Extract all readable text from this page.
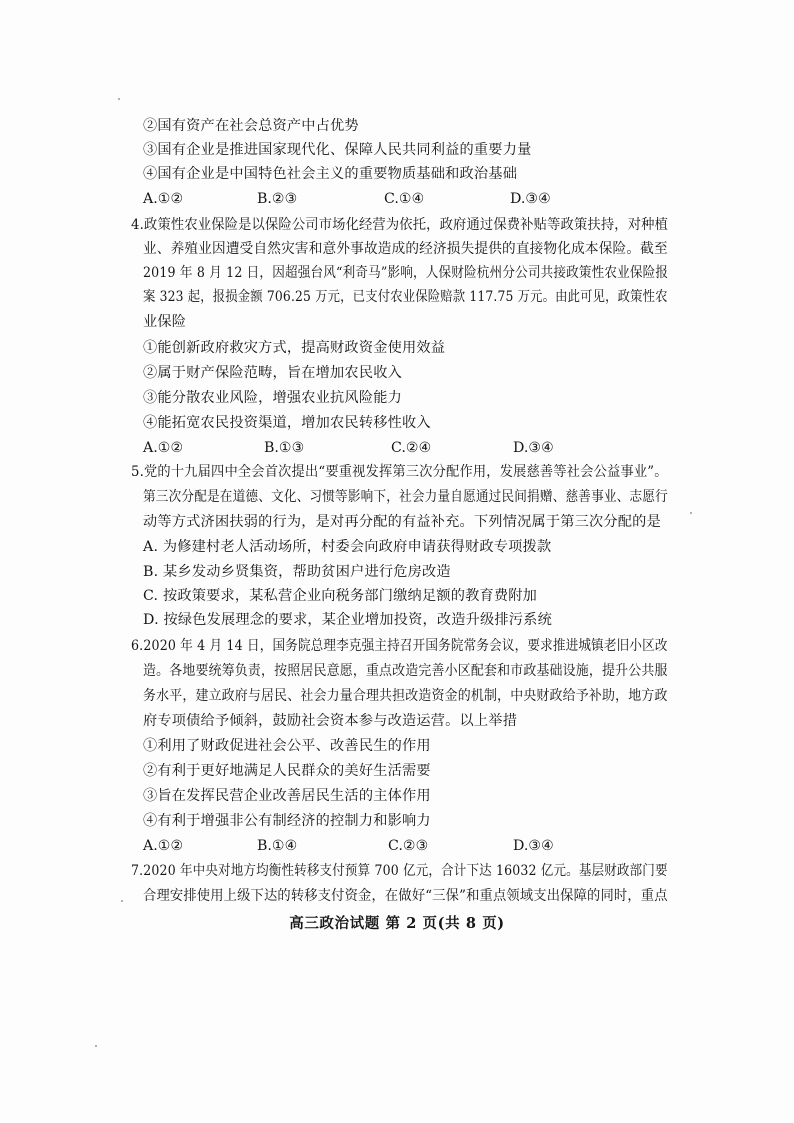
②国有资产在社会总资产中占优势
③国有企业是推进国家现代化、保障人民共同利益的重要力量
④国有企业是中国特色社会主义的重要物质基础和政治基础
A.①②	B.②③	C.①④	D.③④
4.政策性农业保险是以保险公司市场化经营为依托，政府通过保费补贴等政策扶持，对种植
业、养殖业因遭受自然灾害和意外事故造成的经济损失提供的直接物化成本保险。截至
2019 年 8 月 12 日，因超强台风“利奇马”影响，人保财险杭州分公司共接政策性农业保险报
案 323 起，报损金额 706.25 万元，已支付农业保险赔款 117.75 万元。由此可见，政策性农
业保险
①能创新政府救灾方式，提高财政资金使用效益
②属于财产保险范畴，旨在增加农民收入
③能分散农业风险，增强农业抗风险能力
④能拓宽农民投资渠道，增加农民转移性收入
A.①②	B.①③	C.②④	D.③④
5.党的十九届四中全会首次提出“要重视发挥第三次分配作用，发展慈善等社会公益事业”。
第三次分配是在道德、文化、习惯等影响下，社会力量自愿通过民间捐赠、慈善事业、志愿行
动等方式济困扶弱的行为，是对再分配的有益补充。下列情况属于第三次分配的是
A. 为修建村老人活动场所，村委会向政府申请获得财政专项拨款
B. 某乡发动乡贤集资，帮助贫困户进行危房改造
C. 按政策要求，某私营企业向税务部门缴纳足额的教育费附加
D. 按绿色发展理念的要求，某企业增加投资，改造升级排污系统
6.2020 年 4 月 14 日，国务院总理李克强主持召开国务院常务会议，要求推进城镇老旧小区改
造。各地要统筹负责，按照居民意愿，重点改造完善小区配套和市政基础设施，提升公共服
务水平，建立政府与居民、社会力量合理共担改造资金的机制，中央财政给予补助，地方政
府专项债给予倾斜，鼓励社会资本参与改造运营。以上举措
①利用了财政促进社会公平、改善民生的作用
②有利于更好地满足人民群众的美好生活需要
③旨在发挥民营企业改善居民生活的主体作用
④有利于增强非公有制经济的控制力和影响力
A.①②	B.①④	C.②③	D.③④
7.2020 年中央对地方均衡性转移支付预算 700 亿元，合计下达 16032 亿元。基层财政部门要
合理安排使用上级下达的转移支付资金，在做好“三保”和重点领域支出保障的同时，重点
高三政治试题 第 2 页(共 8 页)
